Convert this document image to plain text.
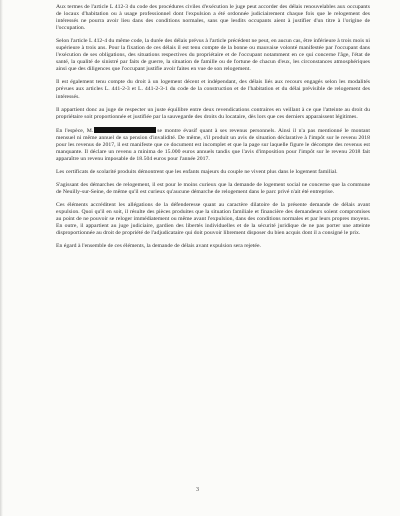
Aux termes de l'article L 412-3 du code des procédures civiles d'exécution le juge peut accorder des délais renouvelables aux occupants de locaux d'habitation ou à usage professionnel dont l'expulsion a été ordonnée judiciairement chaque fois que le relogement des intéressés ne pourra avoir lieu dans des conditions normales, sans que lesdits occupants aient à justifier d'un titre à l'origine de l'occupation.

Selon l'article L 412-4 du même code, la durée des délais prévus à l'article précédent ne peut, en aucun cas, être inférieure à trois mois ni supérieure à trois ans. Pour la fixation de ces délais il est tenu compte de la bonne ou mauvaise volonté manifestée par l'occupant dans l'exécution de ses obligations, des situations respectives du propriétaire et de l'occupant notamment en ce qui concerne l'âge, l'état de santé, la qualité de sinistré par faits de guerre, la situation de famille ou de fortune de chacun d'eux, les circonstances atmosphériques ainsi que des diligences que l'occupant justifie avoir faites en vue de son relogement.

Il est également tenu compte du droit à un logement décent et indépendant, des délais liés aux recours engagés selon les modalités prévues aux articles L. 441-2-3 et L. 441-2-3-1 du code de la construction et de l'habitation et du délai prévisible de relogement des intéressés.

Il appartient donc au juge de respecter un juste équilibre entre deux revendications contraires en veillant à ce que l'atteinte au droit du propriétaire soit proportionnée et justifiée par la sauvegarde des droits du locataire, dès lors que ces derniers apparaissent légitimes.

En l'espèce, M.	se montre évasif quant à ses revenus personnels. Ainsi il n'a pas mentionné le montant mensuel ni même annuel de sa pension d'invalidité. De même, s'il produit un avis de situation déclarative à l'impôt sur le revenu 2018 pour les revenus de 2017, il est manifeste que ce document est incomplet et que la page sur laquelle figure le décompte des revenus est manquante. Il déclare un revenu a minima de 15.000 euros annuels tandis que l'avis d'imposition pour l'impôt sur le revenu 2018 fait apparaître un revenu imposable de 18.504 euros pour l'année 2017.

Les certificats de scolarité produits démontrent que les enfants majeurs du couple ne vivent plus dans le logement familial.

S'agissant des démarches de relogement, il est pour le moins curieux que la demande de logement social ne concerne que la commune de Neuilly-sur-Seine, de même qu'il est curieux qu'aucune démarche de relogement dans le parc privé n'ait été entreprise.

Ces éléments accréditent les allégations de la défenderesse quant au caractère dilatoire de la présente demande de délais avant expulsion. Quoi qu'il en soit, il résulte des pièces produites que la situation familiale et financière des demandeurs soient compromises au point de ne pouvoir se reloger immédiatement ou même avant l'expulsion, dans des conditions normales et par leurs propres moyens. En outre, il appartient au juge judiciaire, gardien des libertés individuelles et de la sécurité juridique de ne pas porter une atteinte disproportionnée au droit de propriété de l'adjudicataire qui doit pouvoir librement disposer du bien acquis dont il a consigné le prix.

En égard à l'ensemble de ces éléments, la demande de délais avant expulsion sera rejetée.

3
